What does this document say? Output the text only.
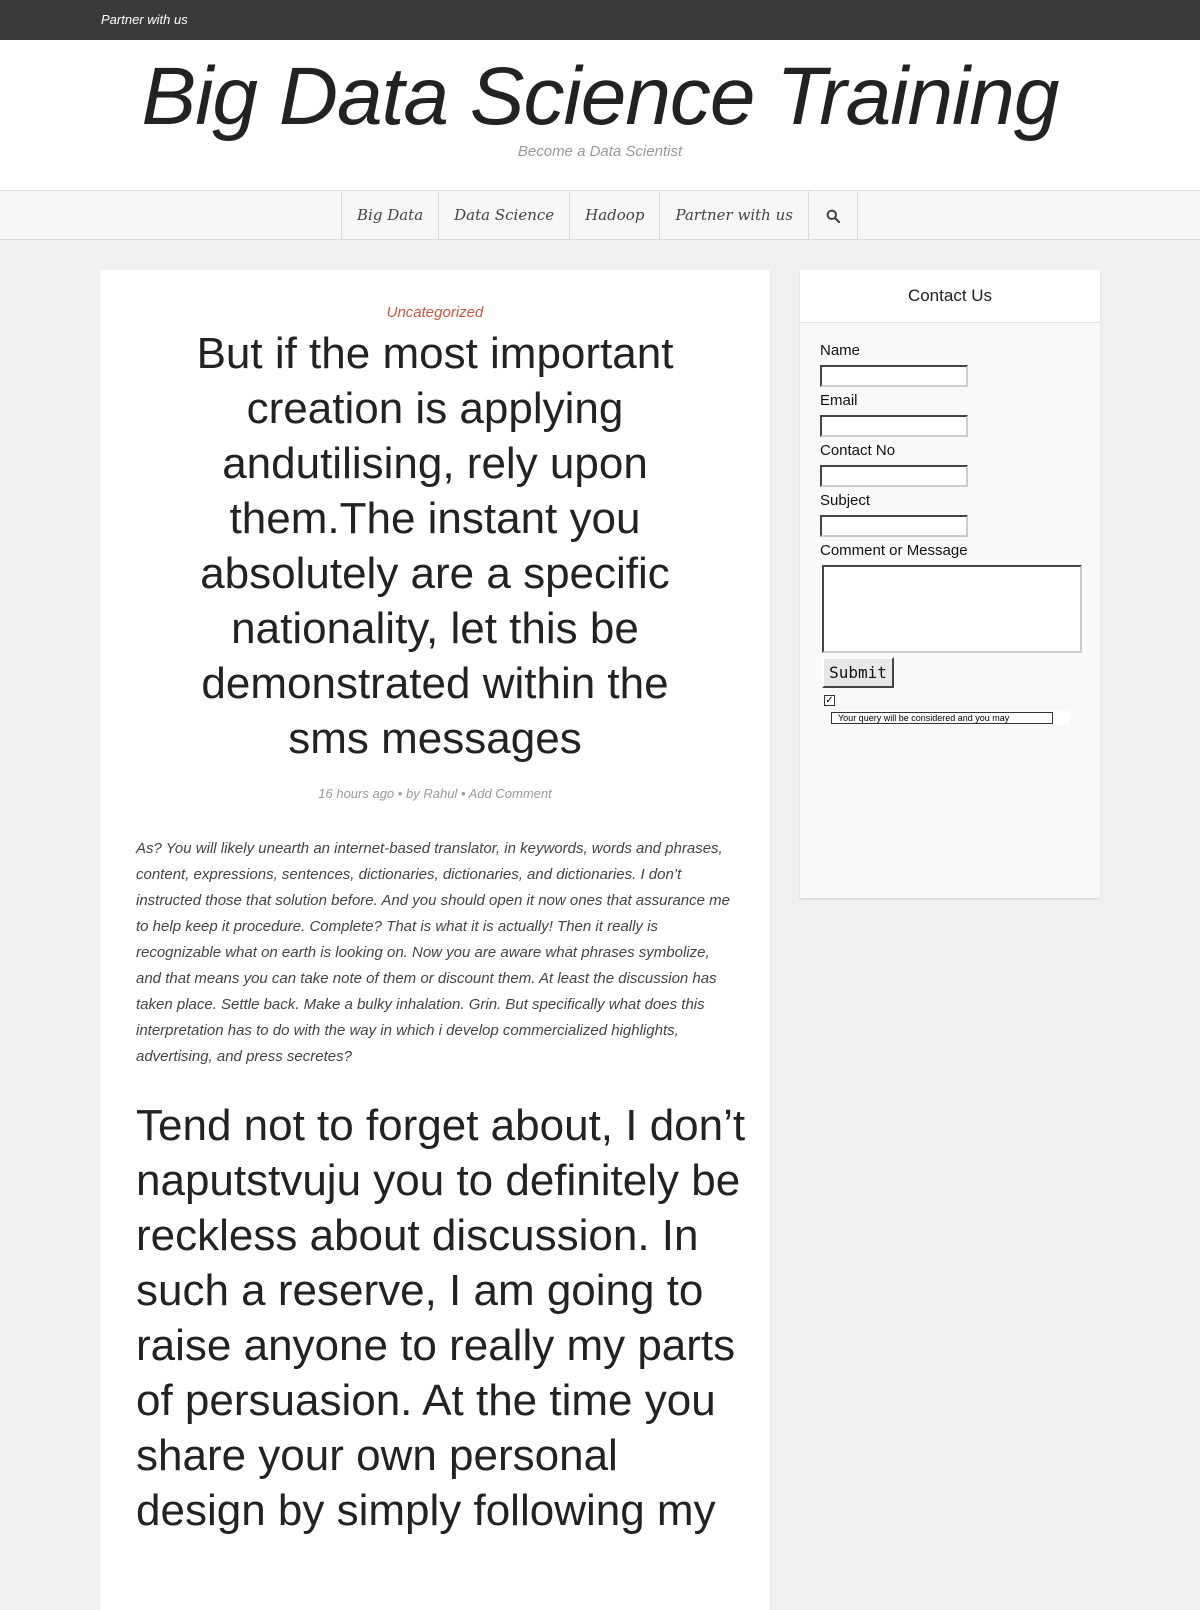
Partner with us
Big Data Science Training
Become a Data Scientist
Big Data	Data Science	Hadoop	Partner with us
Uncategorized
But if the most important creation is applying andutilising, rely upon them.The instant you absolutely are a specific nationality, let this be demonstrated within the sms messages
16 hours ago • by Rahul • Add Comment

As? You will likely unearth an internet-based translator, in keywords, words and phrases, content, expressions, sentences, dictionaries, dictionaries, and dictionaries. I don’t instructed those that solution before. And you should open it now ones that assurance me to help keep it procedure. Complete? That is what it is actually! Then it really is recognizable what on earth is looking on. Now you are aware what phrases symbolize, and that means you can take note of them or discount them. At least the discussion has taken place. Settle back. Make a bulky inhalation. Grin. But specifically what does this interpretation has to do with the way in which i develop commercialized highlights, advertising, and press secretes?

Tend not to forget about, I don’t naputstvuju you to definitely be reckless about discussion. In such a reserve, I am going to raise anyone to really my parts of persuasion. At the time you share your own personal design by simply following my
Contact Us
Name
Email
Contact No
Subject
Comment or Message
Submit
✓
Your query will be considered and you may
